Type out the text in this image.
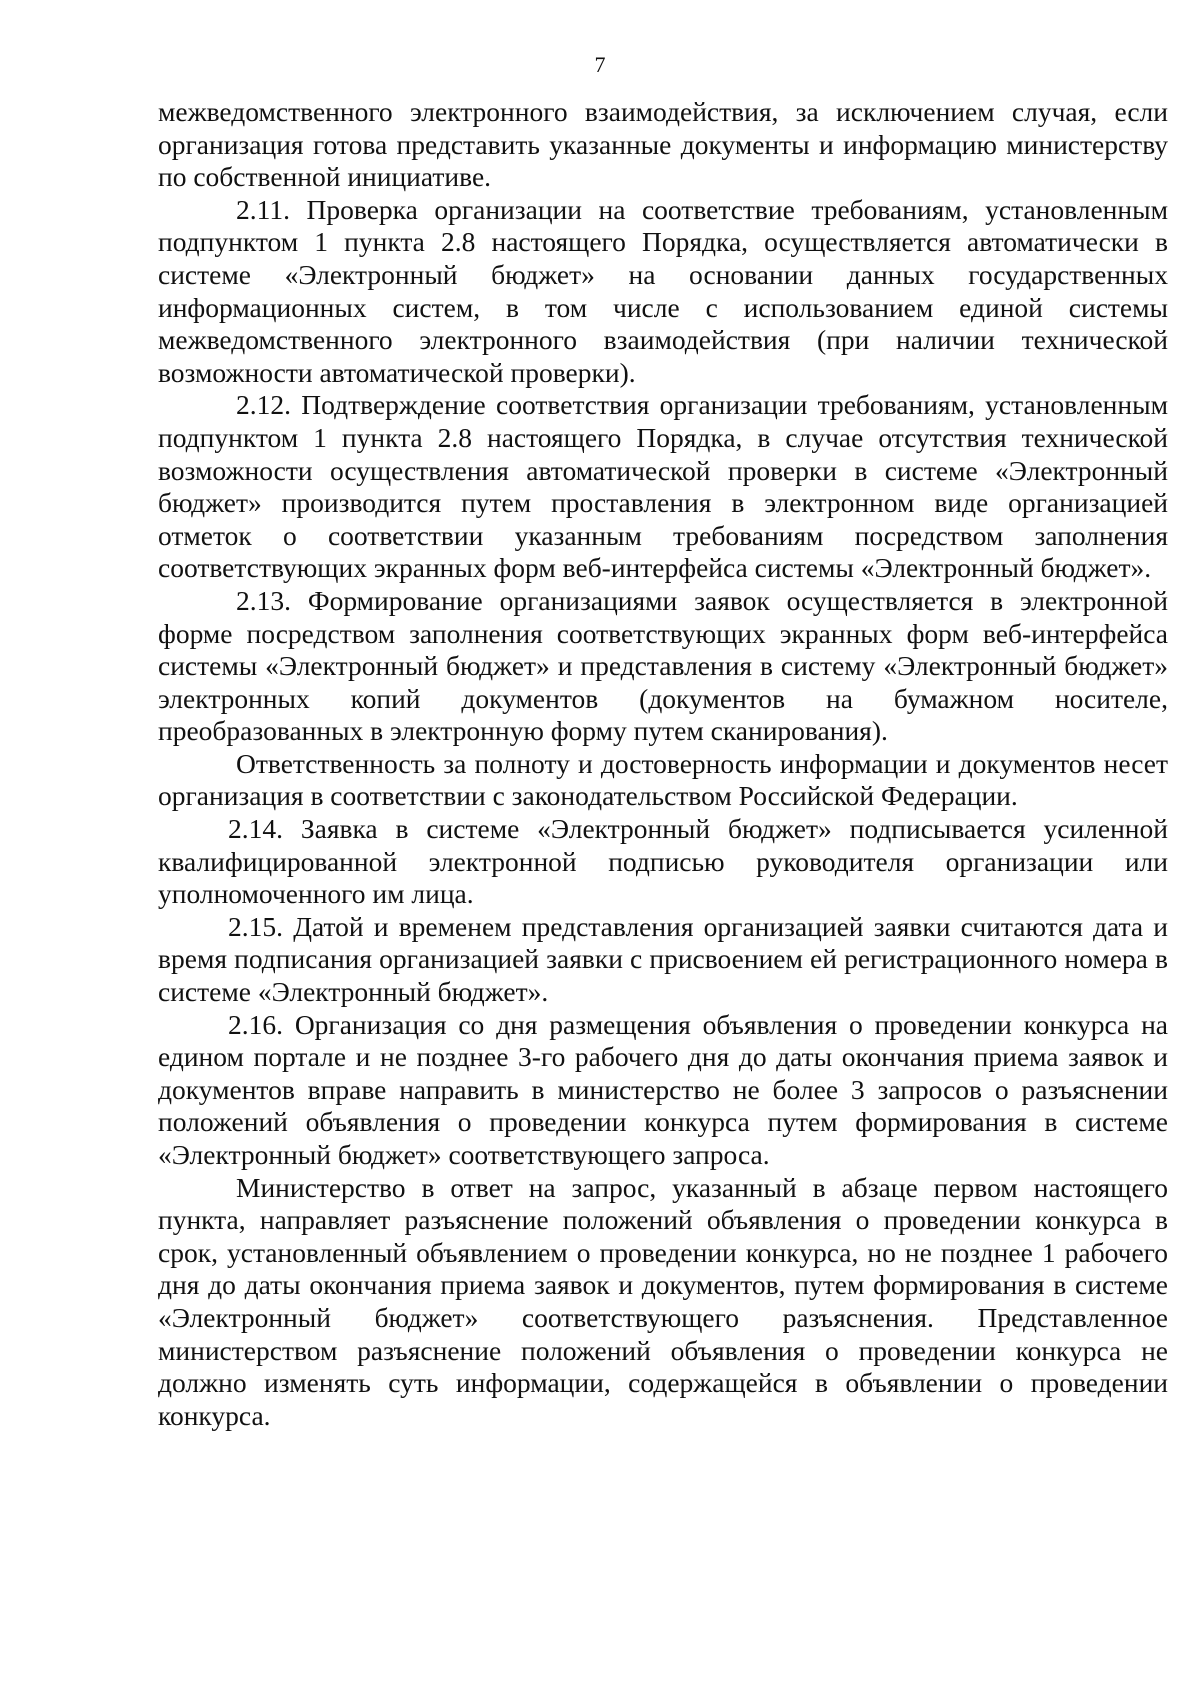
7

межведомственного электронного взаимодействия, за исключением случая, если организация готова представить указанные документы и информацию министерству по собственной инициативе.

2.11. Проверка организации на соответствие требованиям, установленным подпунктом 1 пункта 2.8 настоящего Порядка, осуществляется автоматически в системе «Электронный бюджет» на основании данных государственных информационных систем, в том числе с использованием единой системы межведомственного электронного взаимодействия (при наличии технической возможности автоматической проверки).

2.12. Подтверждение соответствия организации требованиям, установленным подпунктом 1 пункта 2.8 настоящего Порядка, в случае отсутствия технической возможности осуществления автоматической проверки в системе «Электронный бюджет» производится путем проставления в электронном виде организацией отметок о соответствии указанным требованиям посредством заполнения соответствующих экранных форм веб-интерфейса системы «Электронный бюджет».

2.13. Формирование организациями заявок осуществляется в электронной форме посредством заполнения соответствующих экранных форм веб-интерфейса системы «Электронный бюджет» и представления в систему «Электронный бюджет» электронных копий документов (документов на бумажном носителе, преобразованных в электронную форму путем сканирования).

Ответственность за полноту и достоверность информации и документов несет организация в соответствии с законодательством Российской Федерации.

2.14. Заявка в системе «Электронный бюджет» подписывается усиленной квалифицированной электронной подписью руководителя организации или уполномоченного им лица.

2.15. Датой и временем представления организацией заявки считаются дата и время подписания организацией заявки с присвоением ей регистрационного номера в системе «Электронный бюджет».

2.16. Организация со дня размещения объявления о проведении конкурса на едином портале и не позднее 3-го рабочего дня до даты окончания приема заявок и документов вправе направить в министерство не более 3 запросов о разъяснении положений объявления о проведении конкурса путем формирования в системе «Электронный бюджет» соответствующего запроса.

Министерство в ответ на запрос, указанный в абзаце первом настоящего пункта, направляет разъяснение положений объявления о проведении конкурса в срок, установленный объявлением о проведении конкурса, но не позднее 1 рабочего дня до даты окончания приема заявок и документов, путем формирования в системе «Электронный бюджет» соответствующего разъяснения. Представленное министерством разъяснение положений объявления о проведении конкурса не должно изменять суть информации, содержащейся в объявлении о проведении конкурса.
